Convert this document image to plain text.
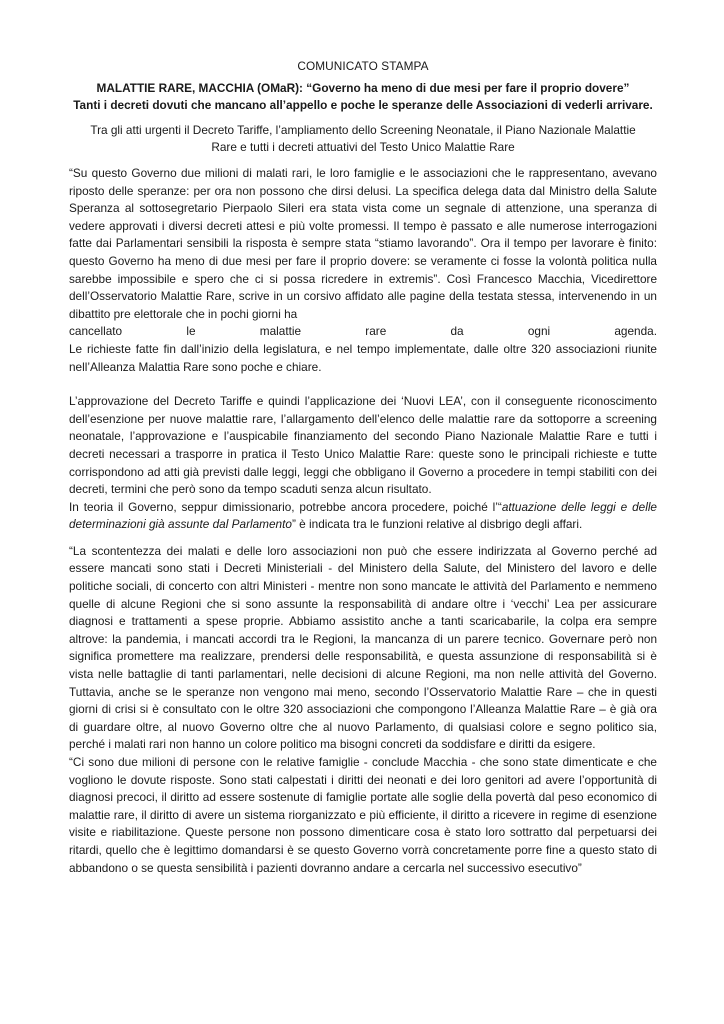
COMUNICATO STAMPA
MALATTIE RARE, MACCHIA (OMaR): “Governo ha meno di due mesi per fare il proprio dovere”
Tanti i decreti dovuti che mancano all’appello e poche le speranze delle Associazioni di vederli arrivare.
Tra gli atti urgenti il Decreto Tariffe, l’ampliamento dello Screening Neonatale, il Piano Nazionale Malattie
Rare e tutti i decreti attuativi del Testo Unico Malattie Rare
“Su questo Governo due milioni di malati rari, le loro famiglie e le associazioni che le rappresentano, avevano riposto delle speranze: per ora non possono che dirsi delusi. La specifica delega data dal Ministro della Salute Speranza al sottosegretario Pierpaolo Sileri era stata vista come un segnale di attenzione, una speranza di vedere approvati i diversi decreti attesi e più volte promessi. Il tempo è passato e alle numerose interrogazioni fatte dai Parlamentari sensibili la risposta è sempre stata “stiamo lavorando”. Ora il tempo per lavorare è finito: questo Governo ha meno di due mesi per fare il proprio dovere: se veramente ci fosse la volontà politica nulla sarebbe impossibile e spero che ci si possa ricredere in extremis”. Così Francesco Macchia, Vicedirettore dell’Osservatorio Malattie Rare, scrive in un corsivo affidato alle pagine della testata stessa, intervenendo in un dibattito pre elettorale che in pochi giorni ha
cancellato le malattie rare da ogni agenda.
Le richieste fatte fin dall’inizio della legislatura, e nel tempo implementate, dalle oltre 320 associazioni riunite nell’Alleanza Malattia Rare sono poche e chiare.
L’approvazione del Decreto Tariffe e quindi l’applicazione dei ‘Nuovi LEA’, con il conseguente riconoscimento dell’esenzione per nuove malattie rare, l’allargamento dell’elenco delle malattie rare da sottoporre a screening neonatale, l’approvazione e l’auspicabile finanziamento del secondo Piano Nazionale Malattie Rare e tutti i decreti necessari a trasporre in pratica il Testo Unico Malattie Rare: queste sono le principali richieste e tutte corrispondono ad atti già previsti dalle leggi, leggi che obbligano il Governo a procedere in tempi stabiliti con dei decreti, termini che però sono da tempo scaduti senza alcun risultato.

In teoria il Governo, seppur dimissionario, potrebbe ancora procedere, poiché l’“attuazione delle leggi e delle determinazioni già assunte dal Parlamento” è indicata tra le funzioni relative al disbrigo degli affari.

“La scontentezza dei malati e delle loro associazioni non può che essere indirizzata al Governo perché ad essere mancati sono stati i Decreti Ministeriali - del Ministero della Salute, del Ministero del lavoro e delle politiche sociali, di concerto con altri Ministeri - mentre non sono mancate le attività del Parlamento e nemmeno quelle di alcune Regioni che si sono assunte la responsabilità di andare oltre i ‘vecchi’ Lea per assicurare diagnosi e trattamenti a spese proprie. Abbiamo assistito anche a tanti scaricabarile, la colpa era sempre altrove: la pandemia, i mancati accordi tra le Regioni, la mancanza di un parere tecnico. Governare però non significa promettere ma realizzare, prendersi delle responsabilità, e questa assunzione di responsabilità si è vista nelle battaglie di tanti parlamentari, nelle decisioni di alcune Regioni, ma non nelle attività del Governo. Tuttavia, anche se le speranze non vengono mai meno, secondo l’Osservatorio Malattie Rare – che in questi giorni di crisi si è consultato con le oltre 320 associazioni che compongono l’Alleanza Malattie Rare – è già ora di guardare oltre, al nuovo Governo oltre che al nuovo Parlamento, di qualsiasi colore e segno politico sia, perché i malati rari non hanno un colore politico ma bisogni concreti da soddisfare e diritti da esigere.
“Ci sono due milioni di persone con le relative famiglie - conclude Macchia - che sono state dimenticate e che vogliono le dovute risposte. Sono stati calpestati i diritti dei neonati e dei loro genitori ad avere l’opportunità di diagnosi precoci, il diritto ad essere sostenute di famiglie portate alle soglie della povertà dal peso economico di malattie rare, il diritto di avere un sistema riorganizzato e più efficiente, il diritto a ricevere in regime di esenzione visite e riabilitazione. Queste persone non possono dimenticare cosa è stato loro sottratto dal perpetuarsi dei ritardi, quello che è legittimo domandarsi è se questo Governo vorrà concretamente porre fine a questo stato di abbandono o se questa sensibilità i pazienti dovranno andare a cercarla nel successivo esecutivo”
